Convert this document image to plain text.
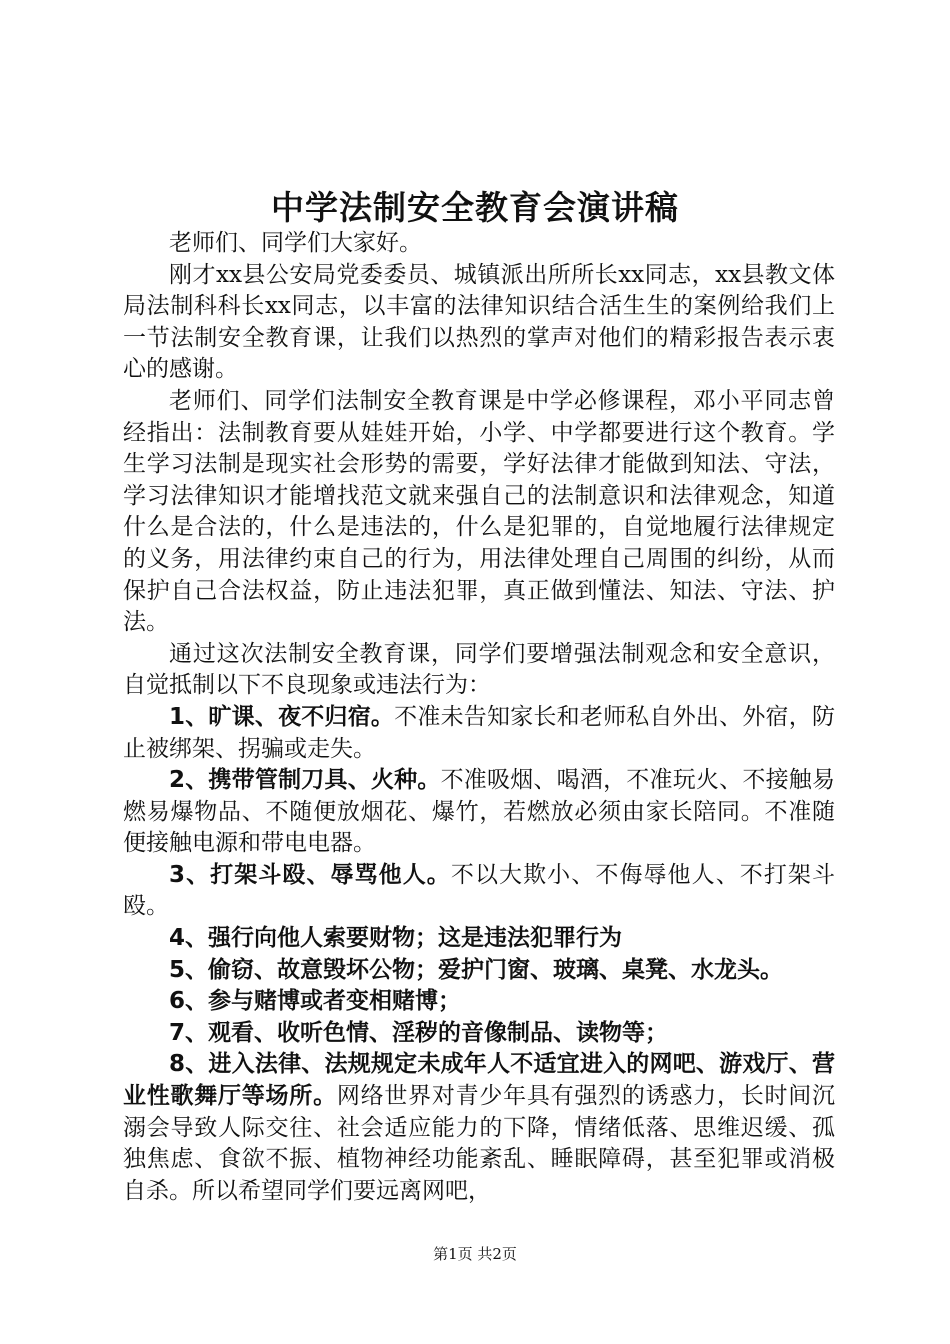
中学法制安全教育会演讲稿

老师们、同学们大家好。

刚才xx县公安局党委委员、城镇派出所所长xx同志，xx县教文体局法制科科长xx同志，以丰富的法律知识结合活生生的案例给我们上一节法制安全教育课，让我们以热烈的掌声对他们的精彩报告表示衷心的感谢。

老师们、同学们法制安全教育课是中学必修课程，邓小平同志曾经指出：法制教育要从娃娃开始，小学、中学都要进行这个教育。学生学习法制是现实社会形势的需要，学好法律才能做到知法、守法，学习法律知识才能增找范文就来强自己的法制意识和法律观念，知道什么是合法的，什么是违法的，什么是犯罪的，自觉地履行法律规定的义务，用法律约束自己的行为，用法律处理自己周围的纠纷，从而保护自己合法权益，防止违法犯罪，真正做到懂法、知法、守法、护法。

通过这次法制安全教育课，同学们要增强法制观念和安全意识，自觉抵制以下不良现象或违法行为：

1、旷课、夜不归宿。不准未告知家长和老师私自外出、外宿，防止被绑架、拐骗或走失。

2、携带管制刀具、火种。不准吸烟、喝酒，不准玩火、不接触易燃易爆物品、不随便放烟花、爆竹，若燃放必须由家长陪同。不准随便接触电源和带电电器。

3、打架斗殴、辱骂他人。不以大欺小、不侮辱他人、不打架斗殴。

4、强行向他人索要财物；这是违法犯罪行为

5、偷窃、故意毁坏公物；爱护门窗、玻璃、桌凳、水龙头。

6、参与赌博或者变相赌博；

7、观看、收听色情、淫秽的音像制品、读物等；

8、进入法律、法规规定未成年人不适宜进入的网吧、游戏厅、营业性歌舞厅等场所。网络世界对青少年具有强烈的诱惑力，长时间沉溺会导致人际交往、社会适应能力的下降，情绪低落、思维迟缓、孤独焦虑、食欲不振、植物神经功能紊乱、睡眠障碍，甚至犯罪或消极自杀。所以希望同学们要远离网吧，

第1页 共2页
